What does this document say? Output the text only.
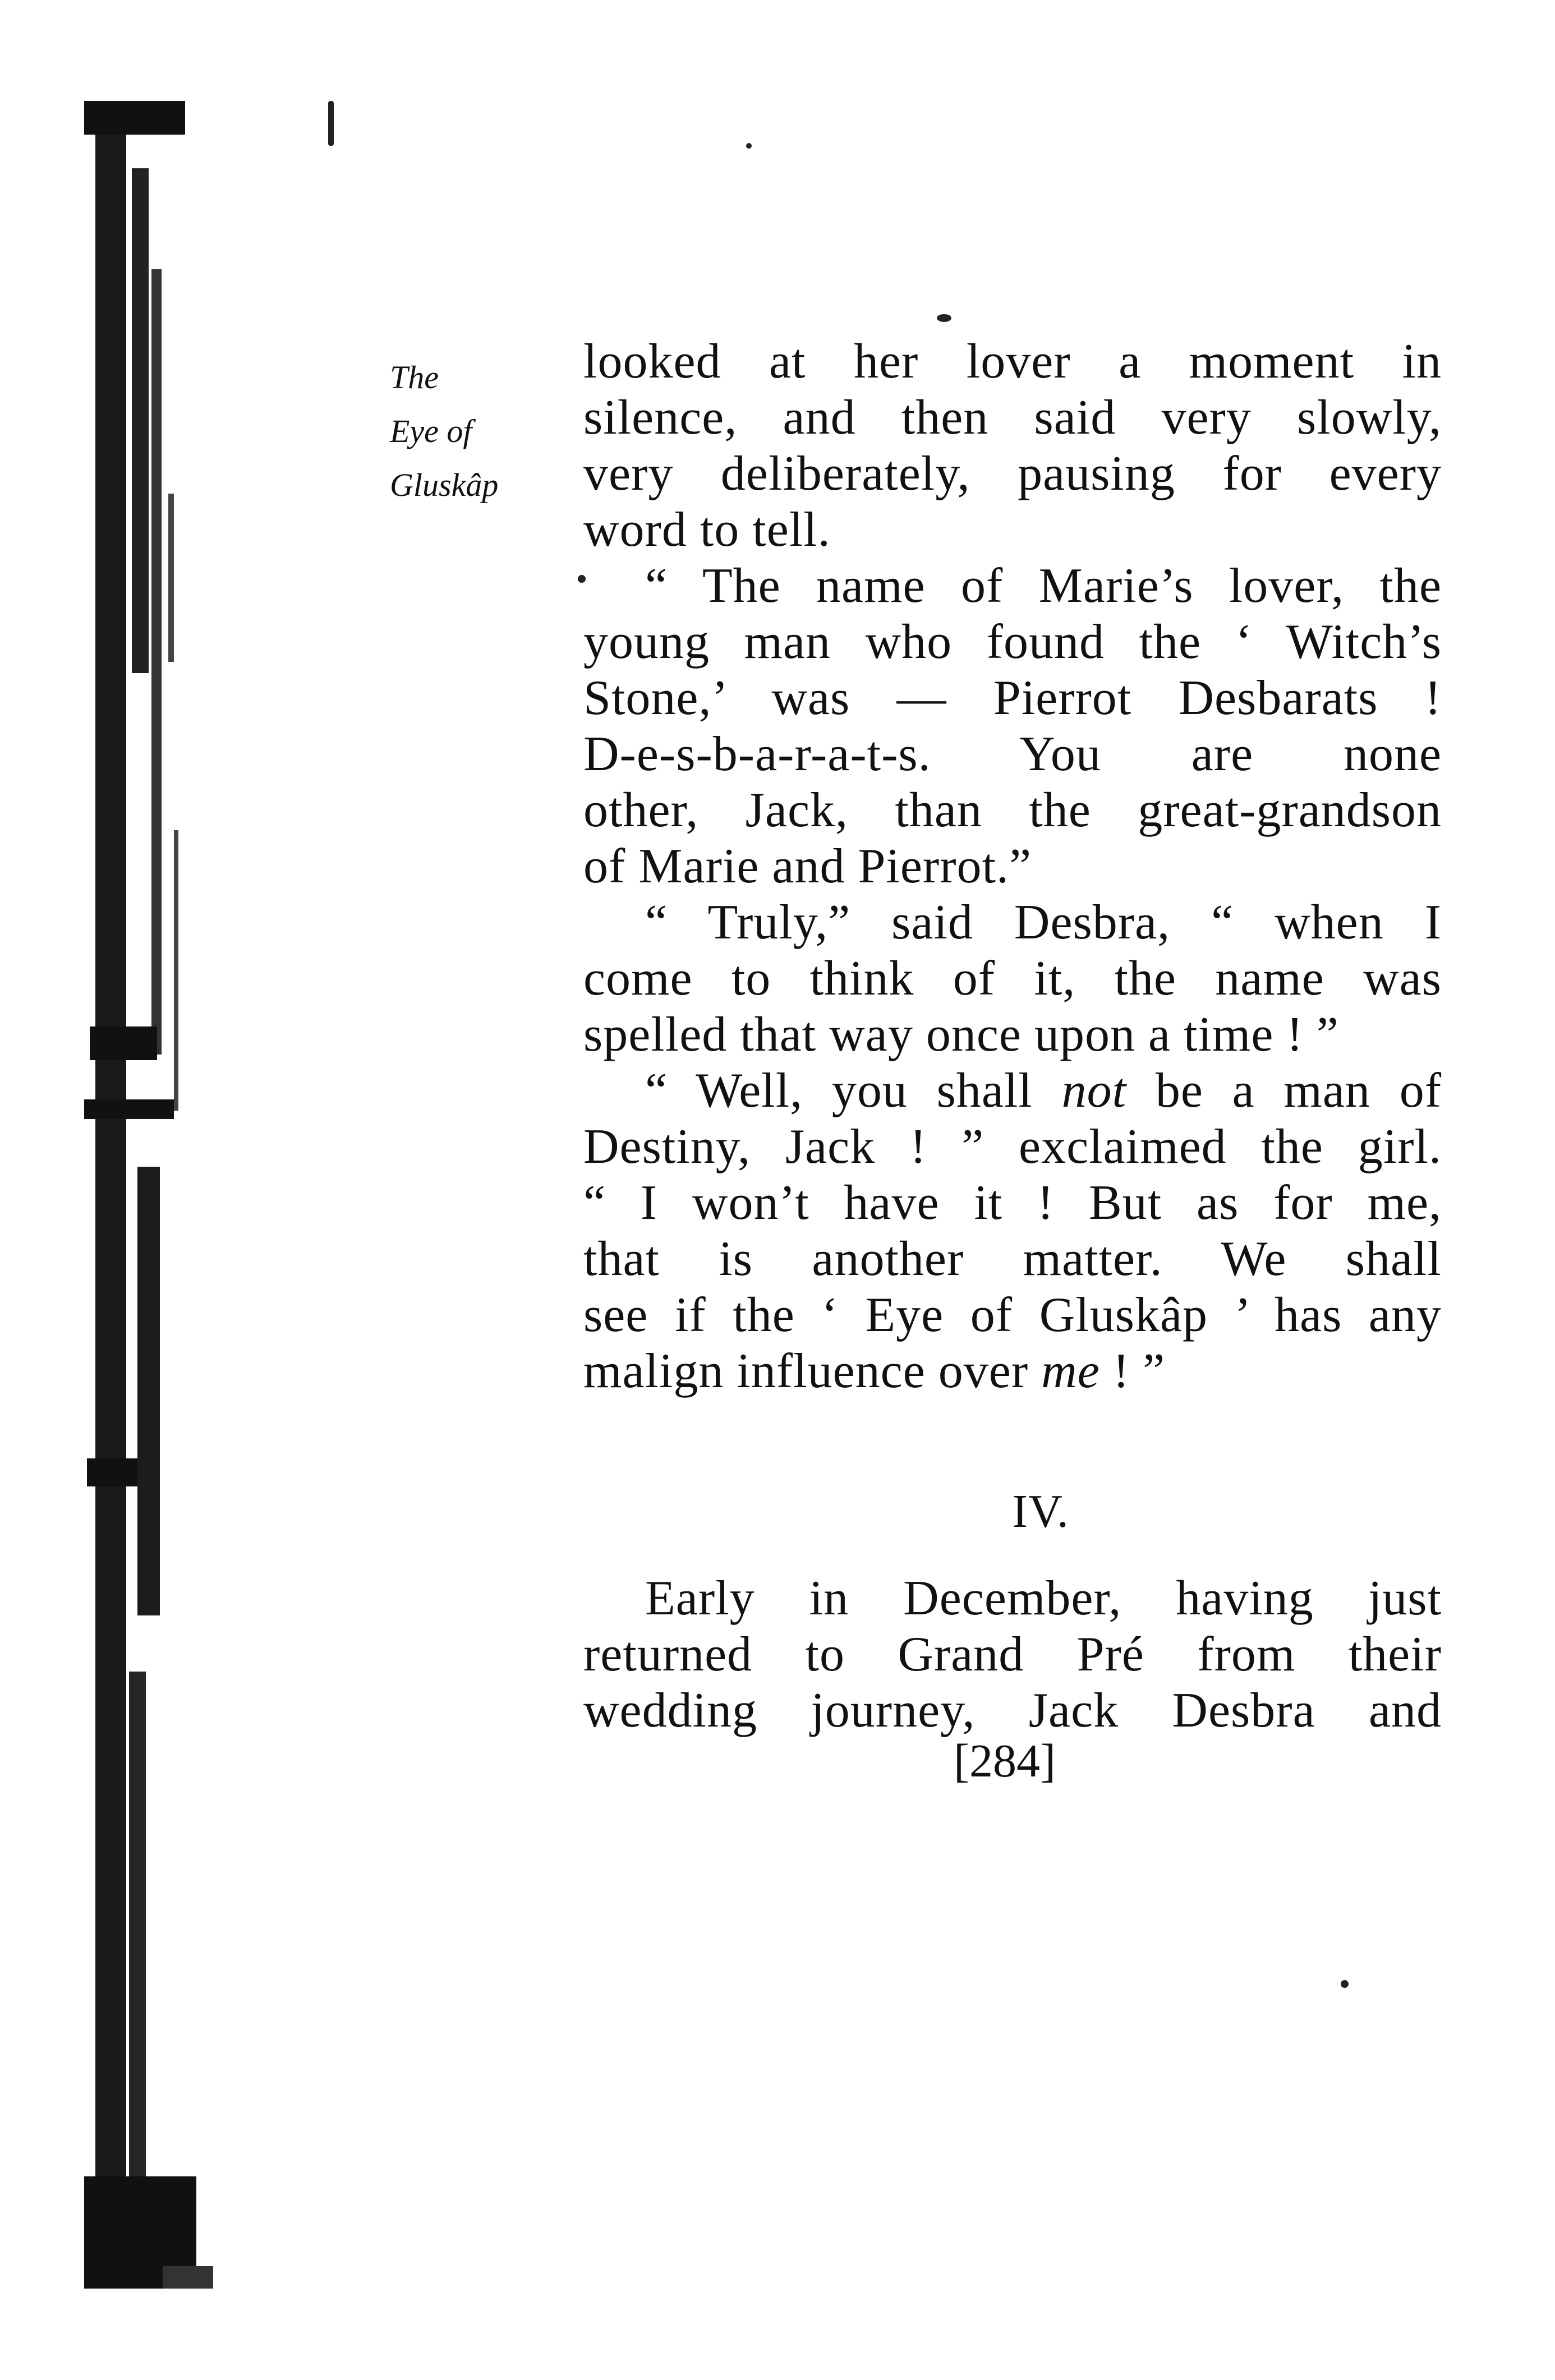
The
Eye of
Gluskâp
looked at her lover a moment in
silence, and then said very slowly,
very deliberately, pausing for every
word to tell.
“ The name of Marie’s lover, the
young man who found the ‘ Witch’s
Stone,’ was — Pierrot Desbarats !
D-e-s-b-a-r-a-t-s. You are none
other, Jack, than the great-grandson
of Marie and Pierrot.”
“ Truly,” said Desbra, “ when I
come to think of it, the name was
spelled that way once upon a time ! ”
“ Well, you shall not be a man of
Destiny, Jack ! ” exclaimed the girl.
“ I won’t have it ! But as for me,
that is another matter. We shall
see if the ‘ Eye of Gluskâp ’ has any
malign influence over me ! ”
IV.
Early in December, having just
returned to Grand Pré from their
wedding journey, Jack Desbra and
[284]
